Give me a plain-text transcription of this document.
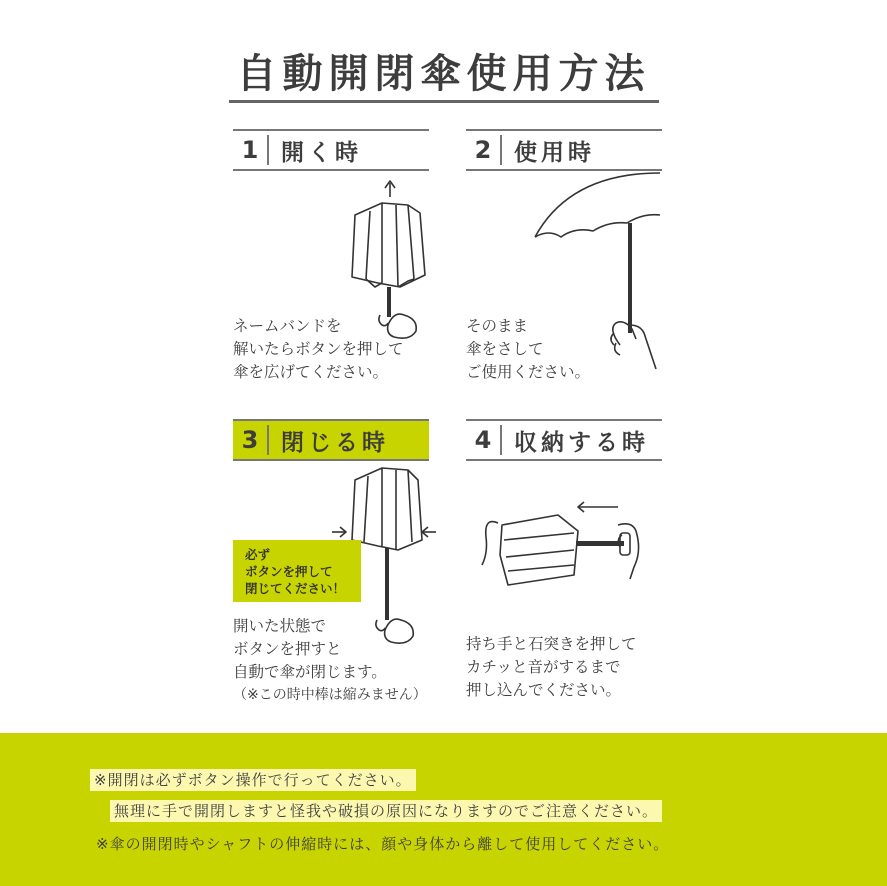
自動開閉傘使用方法
1 開く時	2 使用時
3 閉じる時	4 収納する時
必ず
ボタンを押して
閉じてください！
ネームバンドを
解いたらボタンを押して
傘を広げてください。
そのまま
傘をさして
ご使用ください。
開いた状態で
ボタンを押すと
自動で傘が閉じます。
（※この時中棒は縮みません）
持ち手と石突きを押して
カチッと音がするまで
押し込んでください。
※開閉は必ずボタン操作で行ってください。
無理に手で開閉しますと怪我や破損の原因になりますのでご注意ください。
※傘の開閉時やシャフトの伸縮時には、顔や身体から離して使用してください。
